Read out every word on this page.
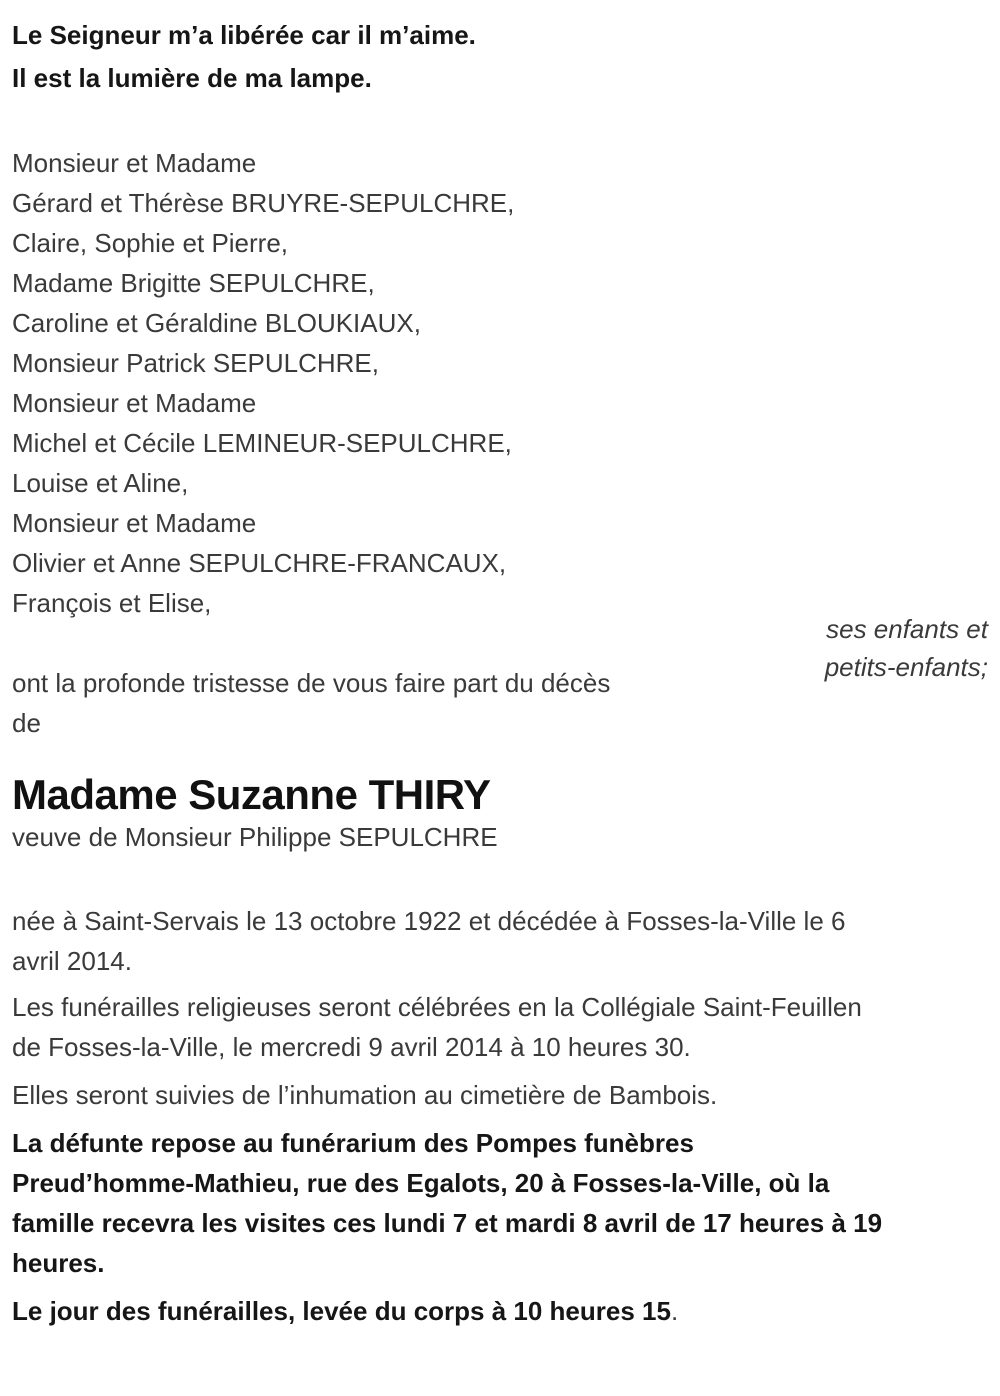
Le Seigneur m’a libérée car il m’aime.
Il est la lumière de ma lampe.
Monsieur et Madame
Gérard et Thérèse BRUYRE-SEPULCHRE,
Claire, Sophie et Pierre,
Madame Brigitte SEPULCHRE,
Caroline et Géraldine BLOUKIAUX,
Monsieur Patrick SEPULCHRE,
Monsieur et Madame
Michel et Cécile LEMINEUR-SEPULCHRE,
Louise et Aline,
Monsieur et Madame
Olivier et Anne SEPULCHRE-FRANCAUX,
François et Elise,
ses enfants et
petits-enfants;
ont la profonde tristesse de vous faire part du décès
de
Madame Suzanne THIRY

veuve de Monsieur Philippe SEPULCHRE

née à Saint-Servais le 13 octobre 1922 et décédée à Fosses-la-Ville le 6
avril 2014.
Les funérailles religieuses seront célébrées en la Collégiale Saint-Feuillen
de Fosses-la-Ville, le mercredi 9 avril 2014 à 10 heures 30.
Elles seront suivies de l’inhumation au cimetière de Bambois.
La défunte repose au funérarium des Pompes funèbres
Preud’homme-Mathieu, rue des Egalots, 20 à Fosses-la-Ville, où la
famille recevra les visites ces lundi 7 et mardi 8 avril de 17 heures à 19
heures.

Le jour des funérailles, levée du corps à 10 heures 15.
